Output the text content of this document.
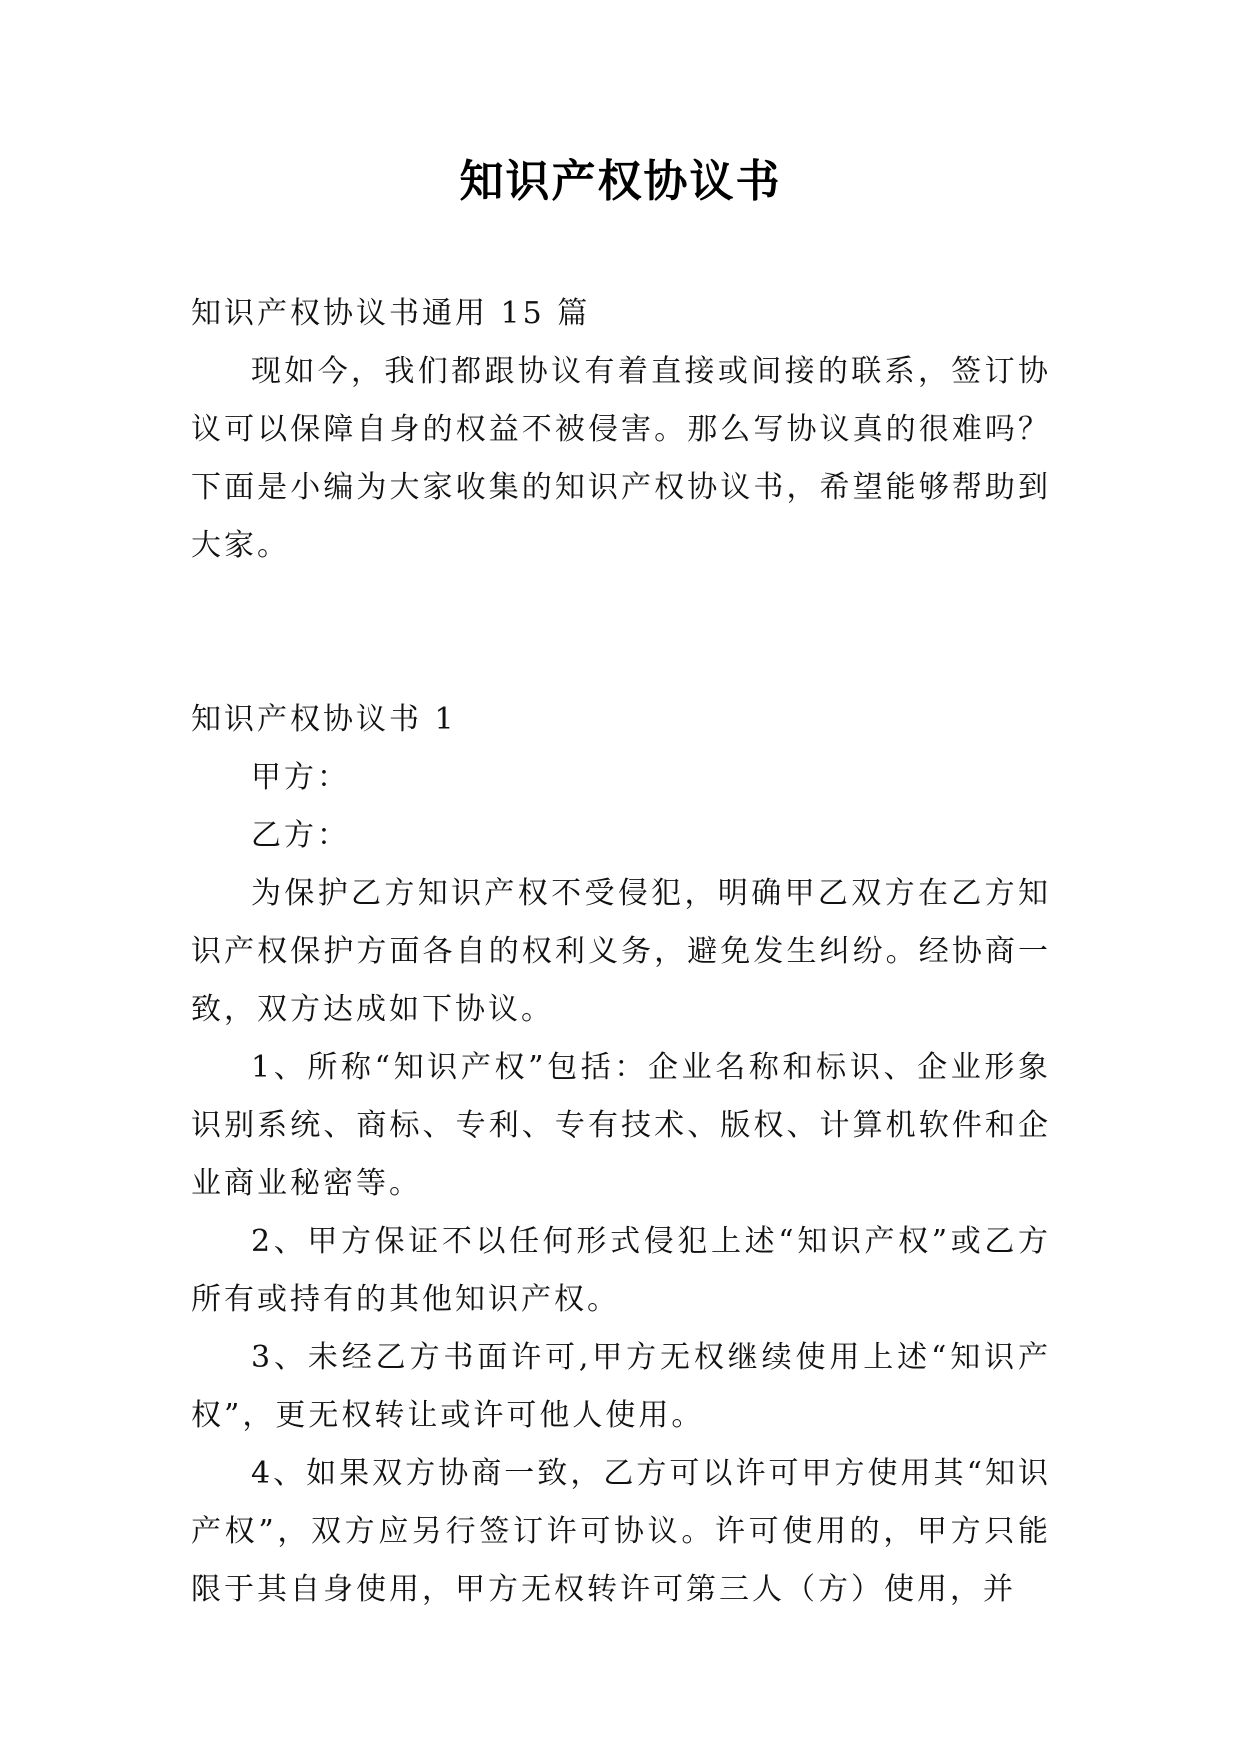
知识产权协议书

知识产权协议书通用 15 篇

现如今，我们都跟协议有着直接或间接的联系，签订协议可以保障自身的权益不被侵害。那么写协议真的很难吗？下面是小编为大家收集的知识产权协议书，希望能够帮助到大家。

知识产权协议书 1

甲方：

乙方：

为保护乙方知识产权不受侵犯，明确甲乙双方在乙方知识产权保护方面各自的权利义务，避免发生纠纷。经协商一致，双方达成如下协议。

1、所称“知识产权”包括：企业名称和标识、企业形象识别系统、商标、专利、专有技术、版权、计算机软件和企业商业秘密等。

2、甲方保证不以任何形式侵犯上述“知识产权”或乙方所有或持有的其他知识产权。

3、未经乙方书面许可,甲方无权继续使用上述“知识产权”，更无权转让或许可他人使用。

4、如果双方协商一致，乙方可以许可甲方使用其“知识产权”，双方应另行签订许可协议。许可使用的，甲方只能限于其自身使用，甲方无权转许可第三人（方）使用，并
